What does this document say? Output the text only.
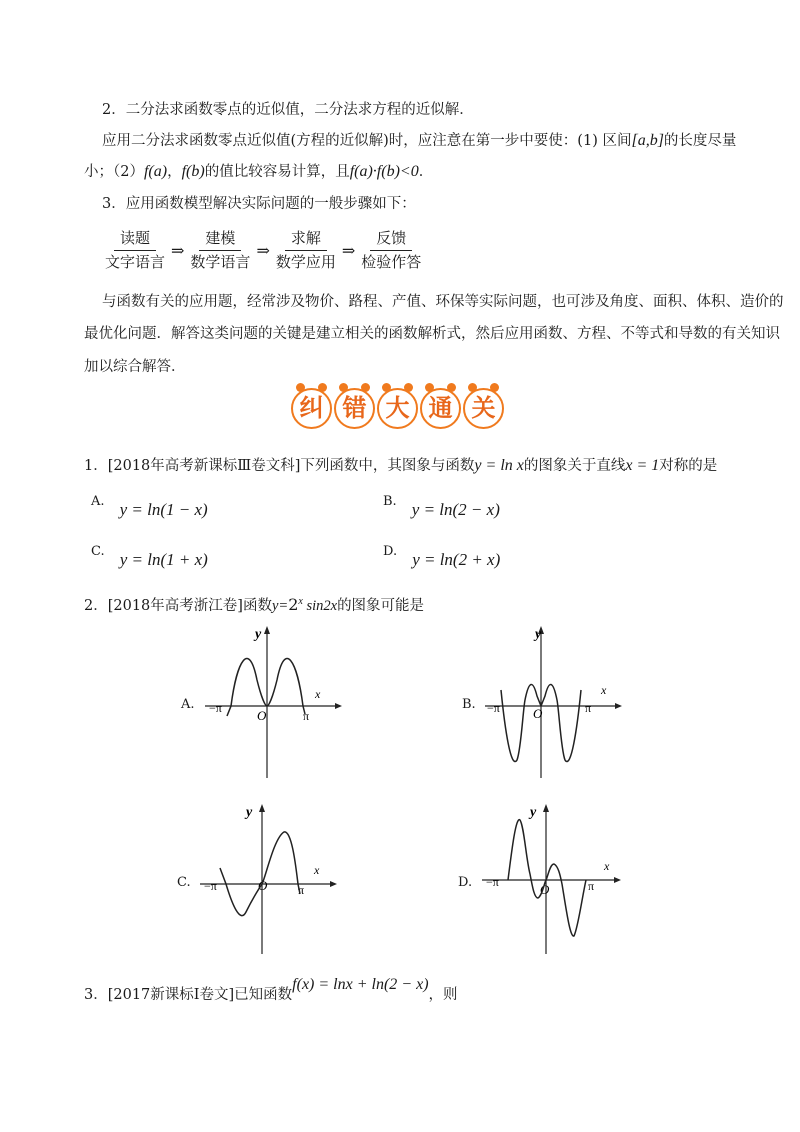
2．二分法求函数零点的近似值，二分法求方程的近似解．
应用二分法求函数零点近似值(方程的近似解)时，应注意在第一步中要使：(1) 区间[a,b]的长度尽量
小；（2）f(a)，f(b)的值比较容易计算，且f(a)·f(b)<0．
3．应用函数模型解决实际问题的一般步骤如下：
$\frac{\text{读题}}{\text{文字语言}}$ ⇒ $\frac{\text{建模}}{\text{数学语言}}$ ⇒ $\frac{\text{求解}}{\text{数学应用}}$ ⇒ $\frac{\text{反馈}}{\text{检验作答}}$
与函数有关的应用题，经常涉及物价、路程、产值、环保等实际问题，也可涉及角度、面积、体积、造价的
最优化问题．解答这类问题的关键是建立相关的函数解析式，然后应用函数、方程、不等式和导数的有关知识
加以综合解答．
纠 错 大 通 关
1．[2018年高考新课标Ⅲ卷文科]下列函数中，其图象与函数y = ln x的图象关于直线x = 1对称的是
$^{A.}$ y = ln(1 − x)	$^{B.}$ y = ln(2 − x)
$^{C.}$ y = ln(1 + x)	$^{D.}$ y = ln(2 + x)
2．[2018年高考浙江卷]函数$y=2^x$ sin2x的图象可能是
A.
y
x
O
−π
π
B.
y
x
O
−π	π
C.
y
x
O
−π	π	D.
y
x
O
−π	π
3．[2017新课标Ⅰ卷文]已知函数f(x) = lnx + ln(2 − x)，则
